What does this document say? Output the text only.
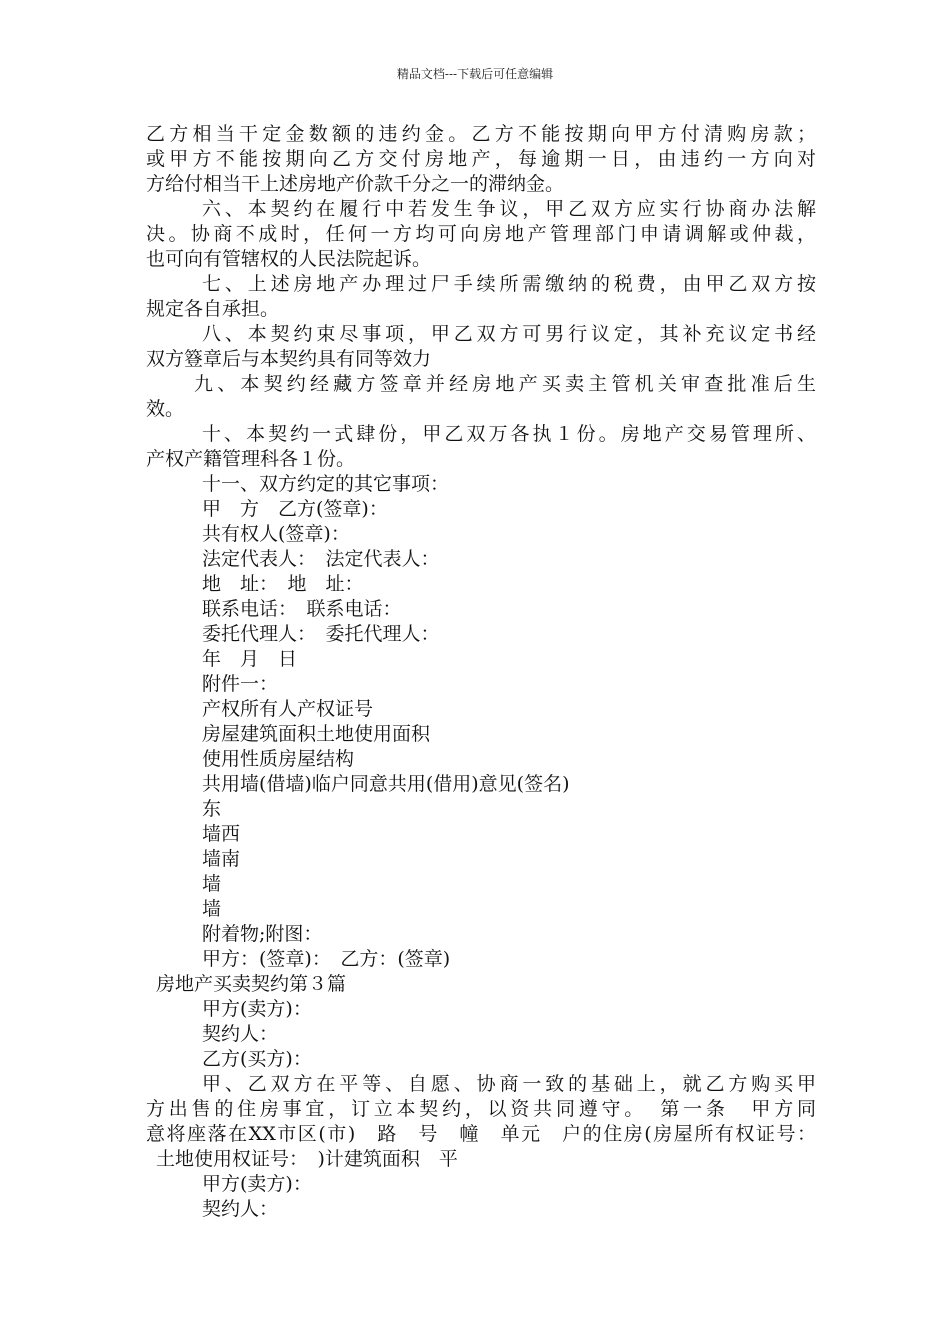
精品文档---下载后可任意编辑
乙方相当干定金数额的违约金。乙方不能按期向甲方付清购房款；
或甲方不能按期向乙方交付房地产，每逾期一日，由违约一方向对
方给付相当干上述房地产价款千分之一的滞纳金。
六、本契约在履行中若发生争议，甲乙双方应实行协商办法解
决。协商不成时，任何一方均可向房地产管理部门申请调解或仲裁，
也可向有管辖权的人民法院起诉。
七、上述房地产办理过尸手续所需缴纳的税费，由甲乙双方按
规定各自承担。
八、本契约束尽事项，甲乙双方可男行议定，其补充议定书经
双方簦章后与本契约具有同等效力
九、本契约经藏方签章并经房地产买卖主管机关审查批准后生
效。
十、本契约一式肆份，甲乙双万各执１份。房地产交易管理所、
产权产籍管理科各１份。
十一、双方约定的其它事项：
甲　方　乙方(签章)：
共有权人(签章)：
法定代表人：　法定代表人：
地　址：　地　址：
联系电话：　联系电话：
委托代理人：　委托代理人：
年　月　日
附件一：
产权所有人产权证号
房屋建筑面积土地使用面积
使用性质房屋结构
共用墙(借墙)临户同意共用(借用)意见(签名)
东
墙西
墙南
墙
墙
附着物;附图：
甲方：(签章)：　乙方：(签章)
房地产买卖契约第３篇
甲方(卖方)：
契约人：
乙方(买方)：
甲、乙双方在平等、自愿、协商一致的基础上，就乙方购买甲
方出售的住房事宜，订立本契约，以资共同遵守。　第一条　甲方同
意将座落在XX市区(市)　路　号　幢　单元　户的住房(房屋所有权证号：
土地使用权证号：　)计建筑面积　平
甲方(卖方)：
契约人：
